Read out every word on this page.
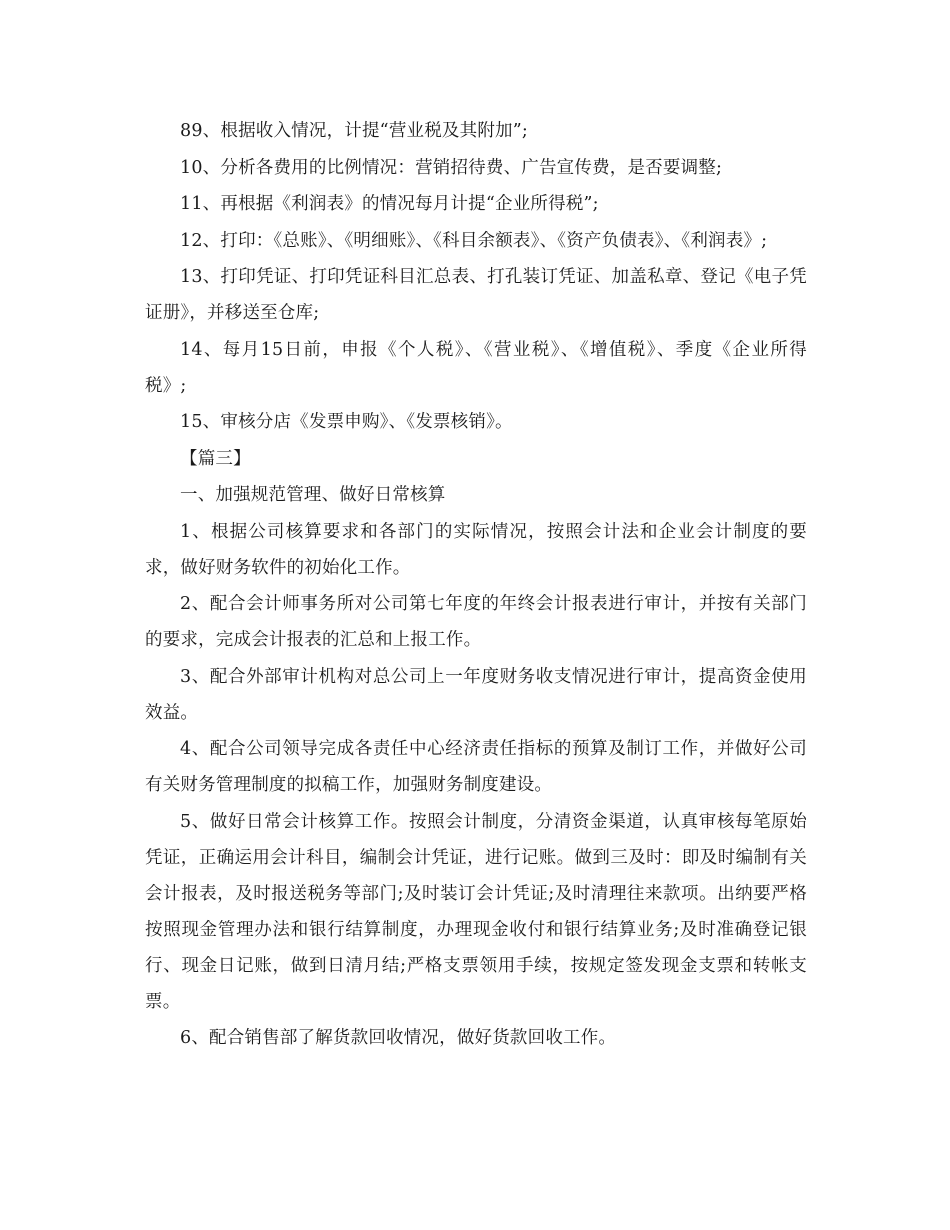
89、根据收入情况，计提“营业税及其附加”;

10、分析各费用的比例情况：营销招待费、广告宣传费，是否要调整;

11、再根据《利润表》的情况每月计提“企业所得税”;

12、打印：《总账》、《明细账》、《科目余额表》、《资产负债表》、《利润表》;

13、打印凭证、打印凭证科目汇总表、打孔装订凭证、加盖私章、登记《电子凭证册》，并移送至仓库;

14、每月15日前，申报《个人税》、《营业税》、《增值税》、季度《企业所得税》;

15、审核分店《发票申购》、《发票核销》。

【篇三】

一、加强规范管理、做好日常核算

1、根据公司核算要求和各部门的实际情况，按照会计法和企业会计制度的要求，做好财务软件的初始化工作。

2、配合会计师事务所对公司第七年度的年终会计报表进行审计，并按有关部门的要求，完成会计报表的汇总和上报工作。

3、配合外部审计机构对总公司上一年度财务收支情况进行审计，提高资金使用效益。

4、配合公司领导完成各责任中心经济责任指标的预算及制订工作，并做好公司有关财务管理制度的拟稿工作，加强财务制度建设。

5、做好日常会计核算工作。按照会计制度，分清资金渠道，认真审核每笔原始凭证，正确运用会计科目，编制会计凭证，进行记账。做到三及时：即及时编制有关会计报表，及时报送税务等部门;及时装订会计凭证;及时清理往来款项。出纳要严格按照现金管理办法和银行结算制度，办理现金收付和银行结算业务;及时准确登记银行、现金日记账，做到日清月结;严格支票领用手续，按规定签发现金支票和转帐支票。

6、配合销售部了解货款回收情况，做好货款回收工作。
